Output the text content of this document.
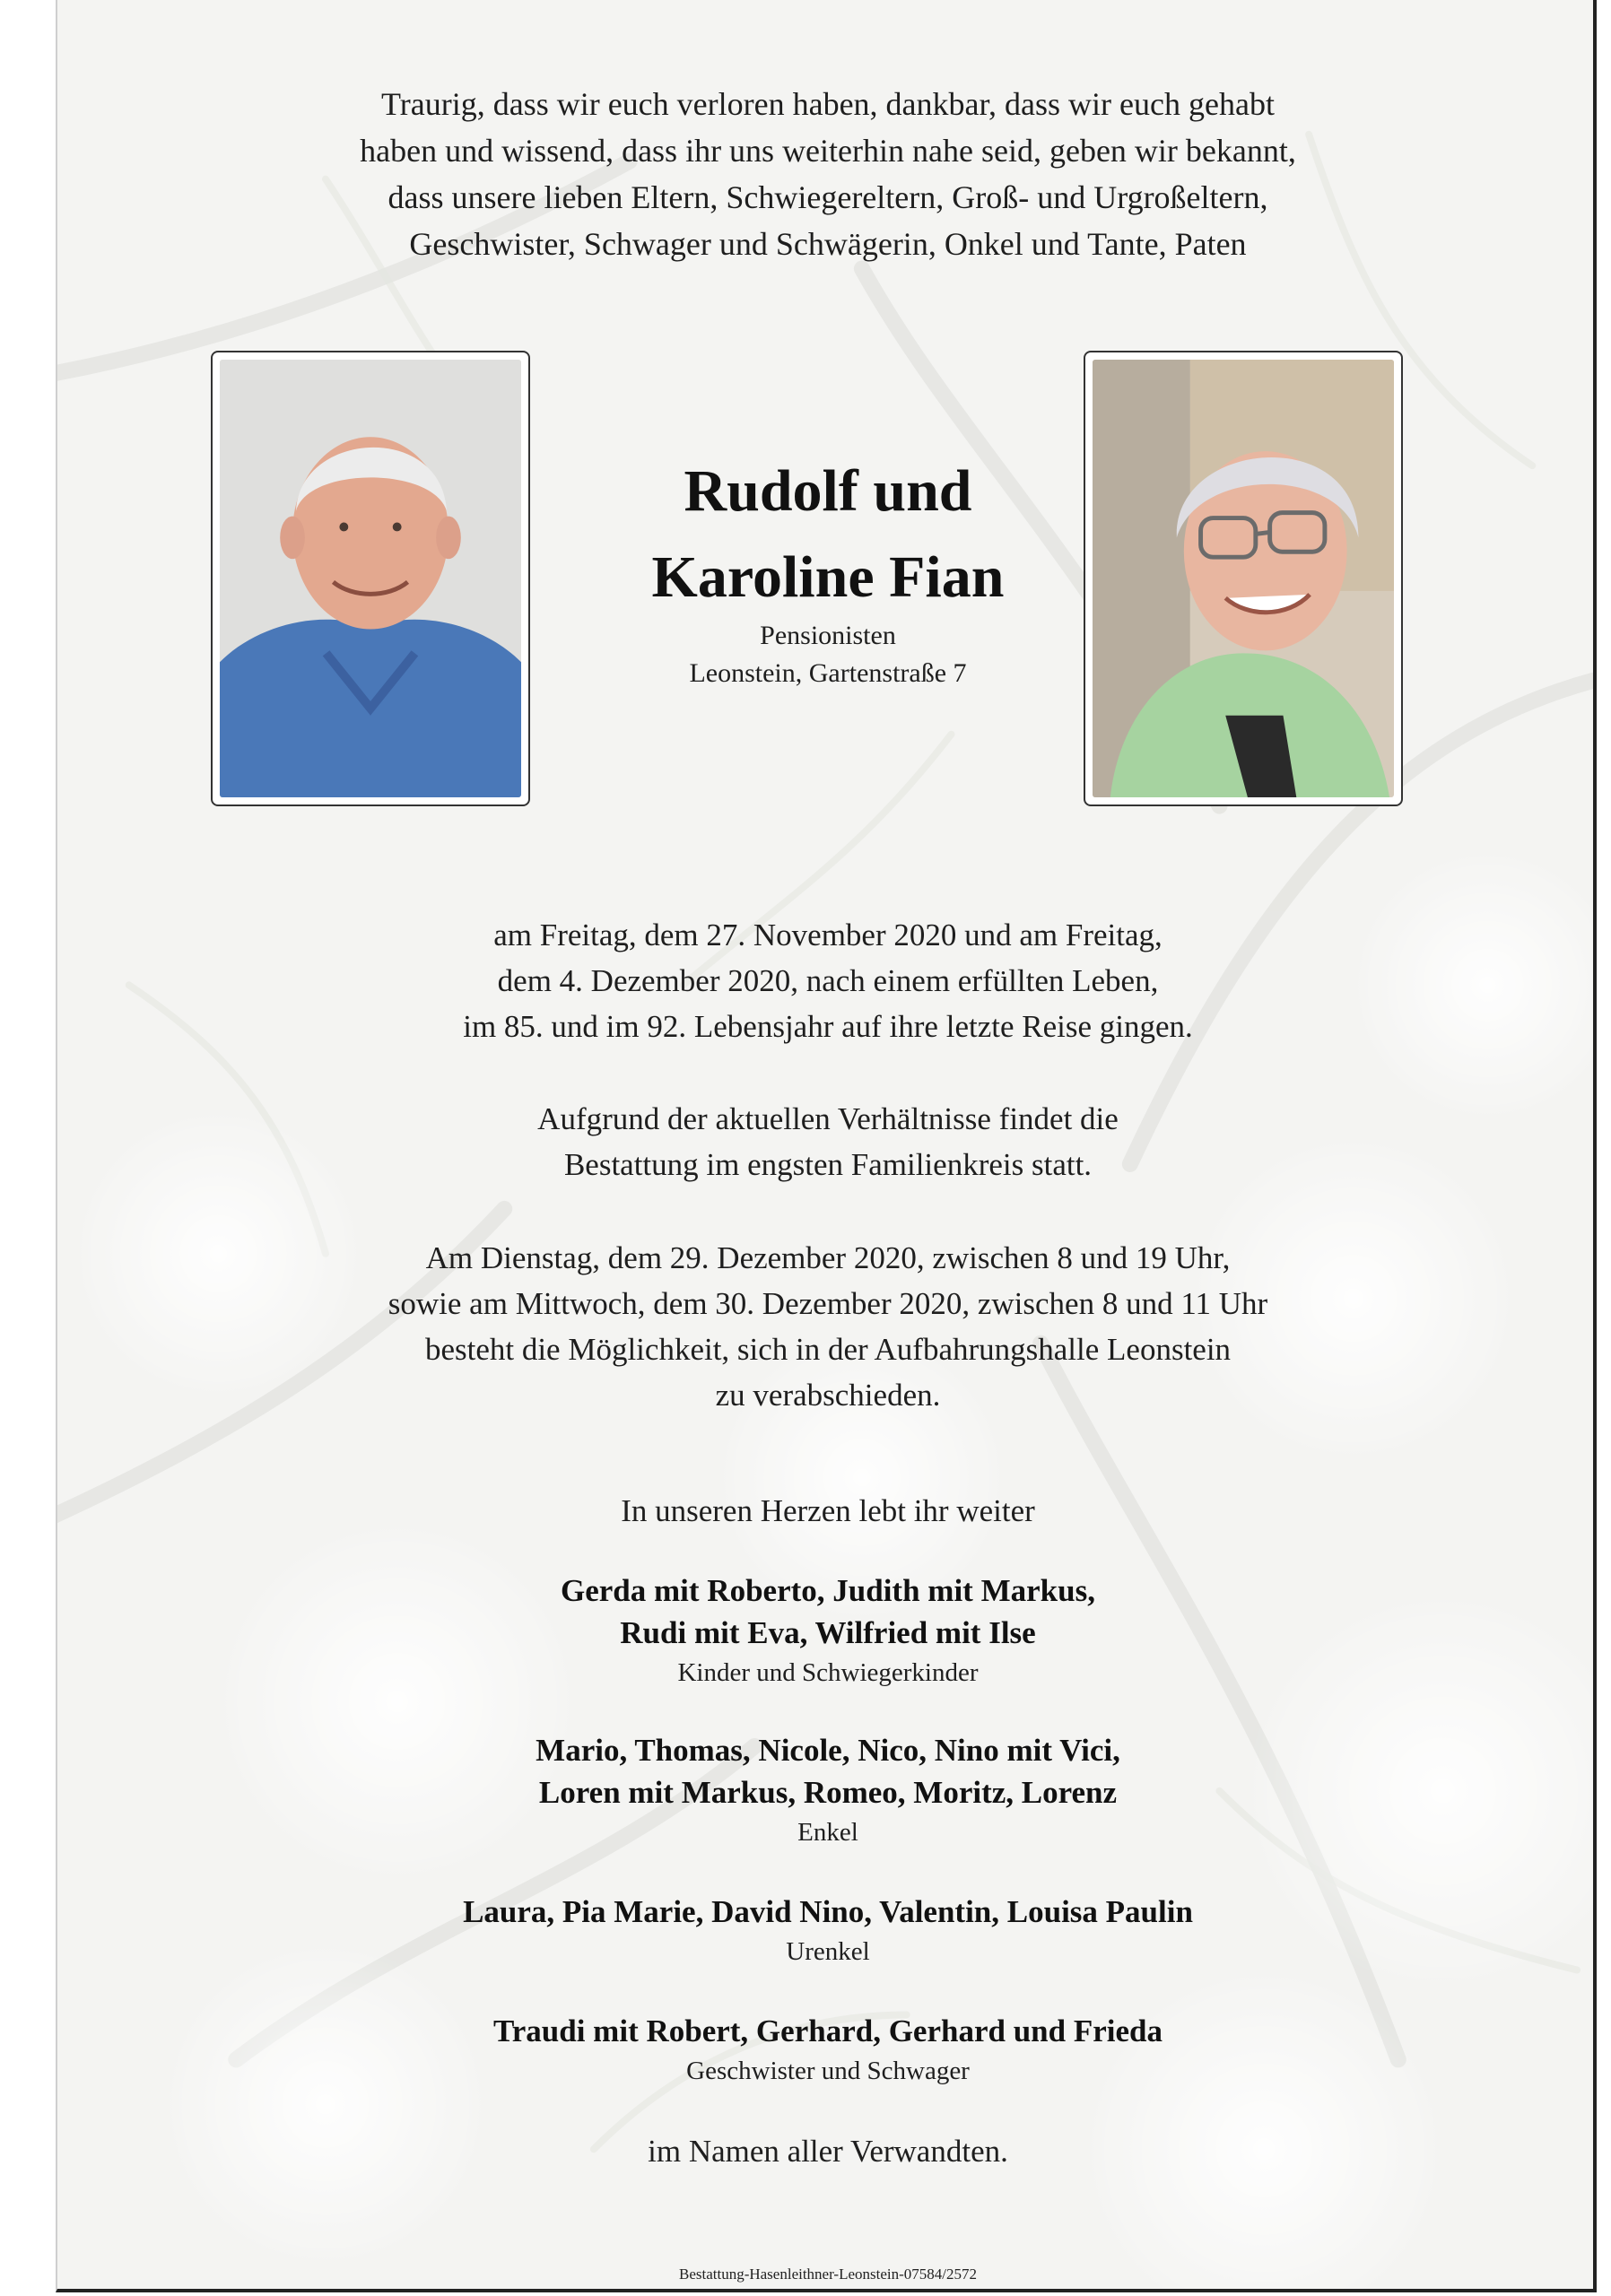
Traurig, dass wir euch verloren haben, dankbar, dass wir euch gehabt
haben und wissend, dass ihr uns weiterhin nahe seid, geben wir bekannt,
dass unsere lieben Eltern, Schwiegereltern, Groß- und Urgroßeltern,
Geschwister, Schwager und Schwägerin, Onkel und Tante, Paten
Rudolf und
Karoline Fian
Pensionisten
Leonstein, Gartenstraße 7
am Freitag, dem 27. November 2020 und am Freitag,
dem 4. Dezember 2020, nach einem erfüllten Leben,
im 85. und im 92. Lebensjahr auf ihre letzte Reise gingen.
Aufgrund der aktuellen Verhältnisse findet die
Bestattung im engsten Familienkreis statt.
Am Dienstag, dem 29. Dezember 2020, zwischen 8 und 19 Uhr,
sowie am Mittwoch, dem 30. Dezember 2020, zwischen 8 und 11 Uhr
besteht die Möglichkeit, sich in der Aufbahrungshalle Leonstein
zu verabschieden.
In unseren Herzen lebt ihr weiter
Gerda mit Roberto, Judith mit Markus,
Rudi mit Eva, Wilfried mit Ilse
Kinder und Schwiegerkinder
Mario, Thomas, Nicole, Nico, Nino mit Vici,
Loren mit Markus, Romeo, Moritz, Lorenz
Enkel
Laura, Pia Marie, David Nino, Valentin, Louisa Paulin
Urenkel
Traudi mit Robert, Gerhard, Gerhard und Frieda
Geschwister und Schwager
im Namen aller Verwandten.
Bestattung-Hasenleithner-Leonstein-07584/2572
